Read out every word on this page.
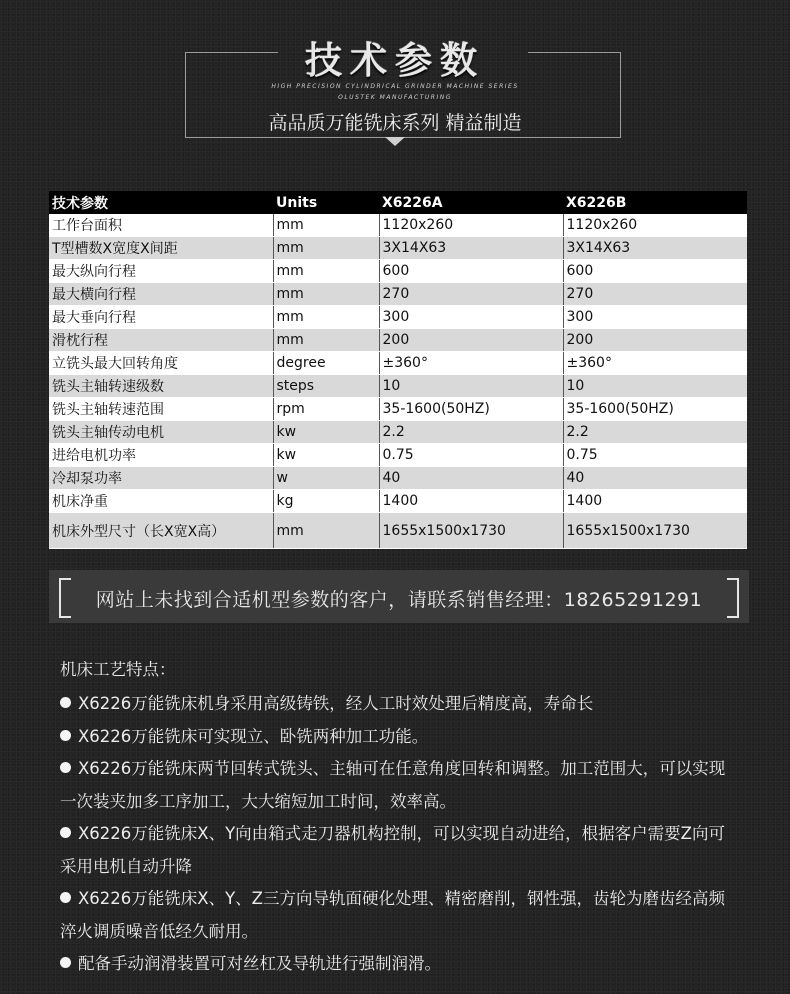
技术参数
HIGH PRECISION CYLINDRICAL GRINDER MACHINE SERIES
OLUSTEK MANUFACTURING
高品质万能铣床系列 精益制造
技术参数	Units	X6226A	X6226B
工作台面积	mm	1120x260	1120x260
T型槽数X宽度X间距	mm	3X14X63	3X14X63
最大纵向行程	mm	600	600
最大横向行程	mm	270	270
最大垂向行程	mm	300	300
滑枕行程	mm	200	200
立铣头最大回转角度	degree	±360°	±360°
铣头主轴转速级数	steps	10	10
铣头主轴转速范围	rpm	35-1600(50HZ)	35-1600(50HZ)
铣头主轴传动电机	kw	2.2	2.2
进给电机功率	kw	0.75	0.75
冷却泵功率	w	40	40
机床净重	kg	1400	1400
机床外型尺寸（长X宽X高）	mm	1655x1500x1730	1655x1500x1730
网站上未找到合适机型参数的客户，请联系销售经理：18265291291
机床工艺特点：
X6226万能铣床机身采用高级铸铁，经人工时效处理后精度高，寿命长
X6226万能铣床可实现立、卧铣两种加工功能。
X6226万能铣床两节回转式铣头、主轴可在任意角度回转和调整。加工范围大，可以实现一次装夹加多工序加工，大大缩短加工时间，效率高。
X6226万能铣床X、Y向由箱式走刀器机构控制，可以实现自动进给，根据客户需要Z向可采用电机自动升降
X6226万能铣床X、Y、Z三方向导轨面硬化处理、精密磨削，钢性强，齿轮为磨齿经高频淬火调质噪音低经久耐用。
配备手动润滑装置可对丝杠及导轨进行强制润滑。
